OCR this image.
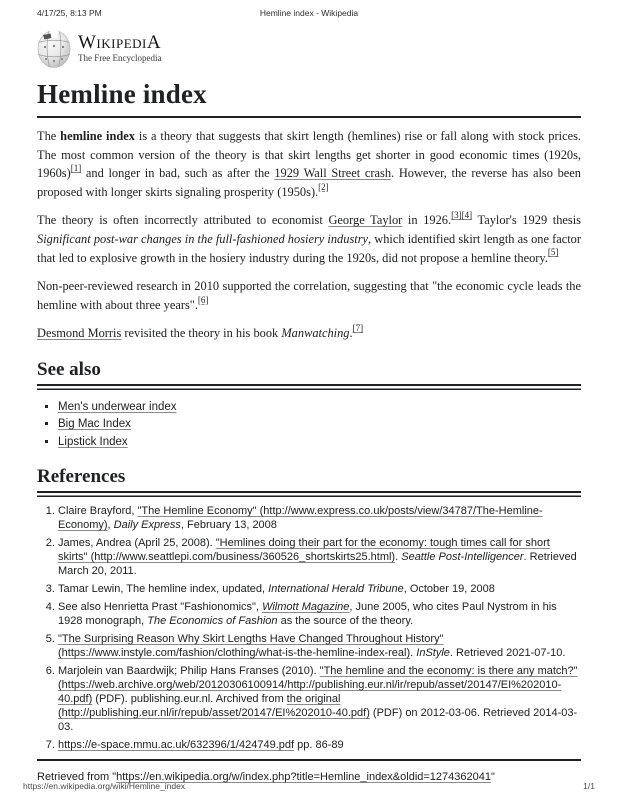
4/17/25, 8:13 PM	Hemline index - Wikipedia
WikipediA
The Free Encyclopedia
Hemline index

The hemline index is a theory that suggests that skirt length (hemlines) rise or fall along with stock prices. The most common version of the theory is that skirt lengths get shorter in good economic times (1920s, 1960s)[1] and longer in bad, such as after the 1929 Wall Street crash. However, the reverse has also been proposed with longer skirts signaling prosperity (1950s).[2]

The theory is often incorrectly attributed to economist George Taylor in 1926.[3][4] Taylor's 1929 thesis Significant post-war changes in the full-fashioned hosiery industry, which identified skirt length as one factor that led to explosive growth in the hosiery industry during the 1920s, did not propose a hemline theory.[5]

Non-peer-reviewed research in 2010 supported the correlation, suggesting that "the economic cycle leads the hemline with about three years".[6]

Desmond Morris revisited the theory in his book Manwatching.[7]

See also
▪ Men's underwear index
▪ Big Mac Index
▪ Lipstick Index
References
1. Claire Brayford, "The Hemline Economy" (http://www.express.co.uk/posts/view/34787/The-Hemline-Economy), Daily Express, February 13, 2008
2. James, Andrea (April 25, 2008). "Hemlines doing their part for the economy: tough times call for short skirts" (http://www.seattlepi.com/business/360526_shortskirts25.html). Seattle Post-Intelligencer. Retrieved March 20, 2011.
3. Tamar Lewin, The hemline index, updated, International Herald Tribune, October 19, 2008
4. See also Henrietta Prast "Fashionomics", Wilmott Magazine, June 2005, who cites Paul Nystrom in his 1928 monograph, The Economics of Fashion as the source of the theory.
5. "The Surprising Reason Why Skirt Lengths Have Changed Throughout History" (https://www.instyle.com/fashion/clothing/what-is-the-hemline-index-real). InStyle. Retrieved 2021-07-10.
6. Marjolein van Baardwijk; Philip Hans Franses (2010). "The hemline and the economy: is there any match?" (https://web.archive.org/web/20120306100914/http://publishing.eur.nl/ir/repub/asset/20147/EI%202010-40.pdf) (PDF). publishing.eur.nl. Archived from the original (http://publishing.eur.nl/ir/repub/asset/20147/EI%202010-40.pdf) (PDF) on 2012-03-06. Retrieved 2014-03-03.
7. https://e-space.mmu.ac.uk/632396/1/424749.pdf pp. 86-89
Retrieved from "https://en.wikipedia.org/w/index.php?title=Hemline_index&oldid=1274362041"
https://en.wikipedia.org/wiki/Hemline_index	1/1
